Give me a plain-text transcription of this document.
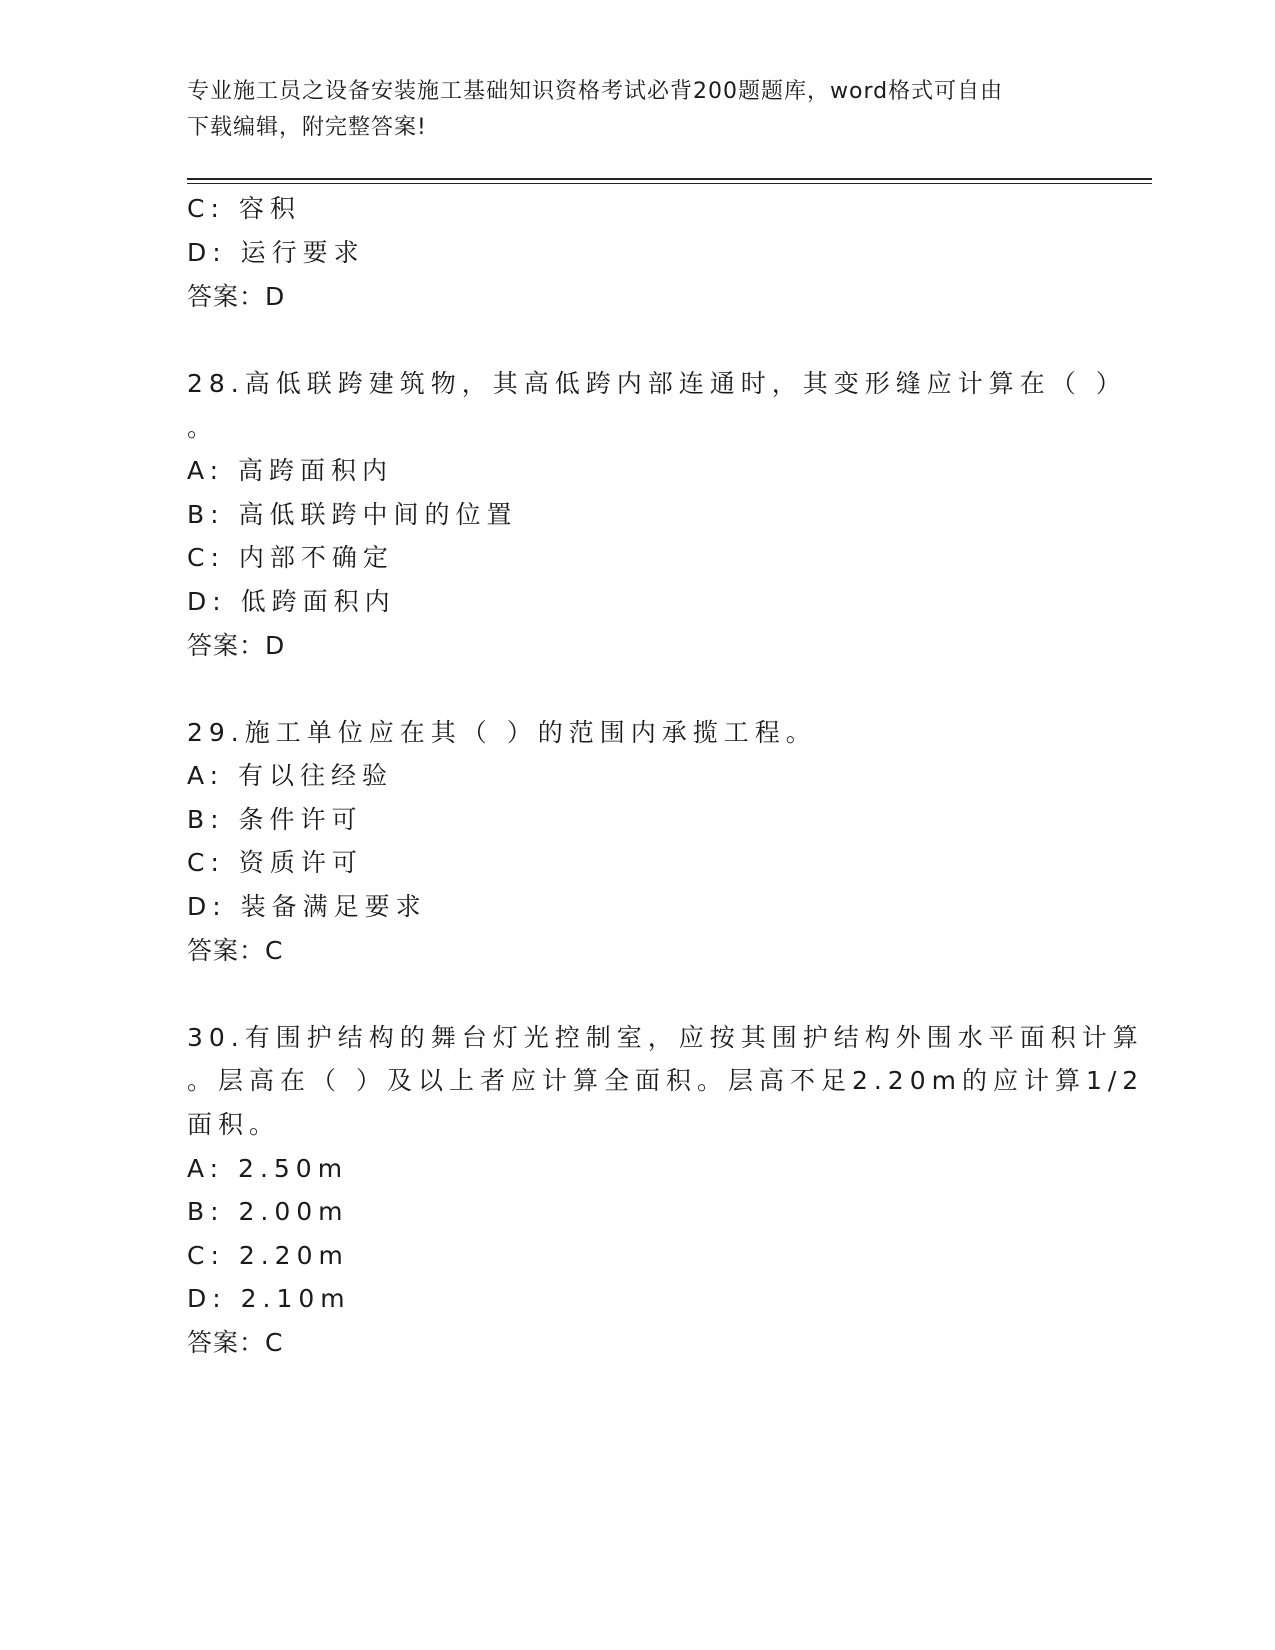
专业施工员之设备安装施工基础知识资格考试必背200题题库，word格式可自由
下载编辑，附完整答案!
C: 容积
D: 运行要求
答案：D
28.高低联跨建筑物，其高低跨内部连通时，其变形缝应计算在（ ）
。
A: 高跨面积内
B: 高低联跨中间的位置
C: 内部不确定
D: 低跨面积内
答案：D
29.施工单位应在其（ ）的范围内承揽工程。
A: 有以往经验
B: 条件许可
C: 资质许可
D: 装备满足要求
答案：C
30.有围护结构的舞台灯光控制室，应按其围护结构外围水平面积计算
。层高在（ ）及以上者应计算全面积。层高不足2.20m的应计算1/2
面积。
A: 2.50m
B: 2.00m
C: 2.20m
D: 2.10m
答案：C
